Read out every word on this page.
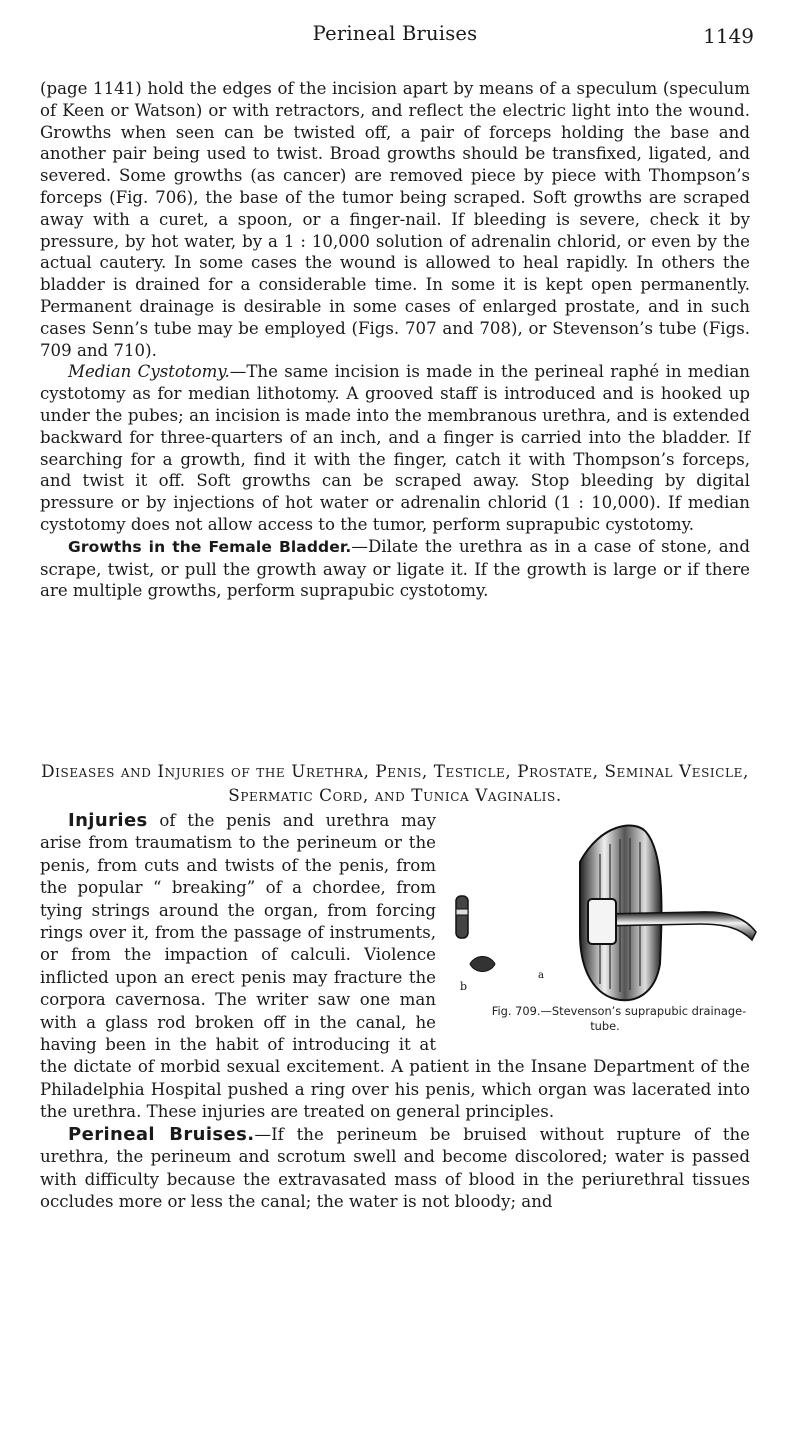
Perineal Bruises	1149

(page 1141) hold the edges of the incision apart by means of a speculum (speculum of Keen or Watson) or with retractors, and reflect the electric light into the wound. Growths when seen can be twisted off, a pair of forceps holding the base and another pair being used to twist. Broad growths should be transfixed, ligated, and severed. Some growths (as cancer) are removed piece by piece with Thompson’s forceps (Fig. 706), the base of the tumor being scraped. Soft growths are scraped away with a curet, a spoon, or a finger-nail. If bleeding is severe, check it by pressure, by hot water, by a 1 : 10,000 solution of adrenalin chlorid, or even by the actual cautery. In some cases the wound is allowed to heal rapidly. In others the bladder is drained for a considerable time. In some it is kept open permanently. Permanent drainage is desirable in some cases of enlarged prostate, and in such cases Senn’s tube may be employed (Figs. 707 and 708), or Stevenson’s tube (Figs. 709 and 710).

Median Cystotomy.—The same incision is made in the perineal raphé in median cystotomy as for median lithotomy. A grooved staff is introduced and is hooked up under the pubes; an incision is made into the membranous urethra, and is extended backward for three-quarters of an inch, and a finger is carried into the bladder. If searching for a growth, find it with the finger, catch it with Thompson’s forceps, and twist it off. Soft growths can be scraped away. Stop bleeding by digital pressure or by injections of hot water or adrenalin chlorid (1 : 10,000). If median cystotomy does not allow access to the tumor, perform suprapubic cystotomy.

Growths in the Female Bladder.—Dilate the urethra as in a case of stone, and scrape, twist, or pull the growth away or ligate it. If the growth is large or if there are multiple growths, perform suprapubic cystotomy.

Diseases and Injuries of the Urethra, Penis, Testicle, Prostate, Seminal Vesicle, Spermatic Cord, and Tunica Vaginalis.

b
a
Fig. 709.—Stevenson’s suprapubic drainage-tube.
Injuries of the penis and urethra may arise from traumatism to the perineum or the penis, from cuts and twists of the penis, from the popular “ breaking” of a chordee, from tying strings around the organ, from forcing rings over it, from the passage of instruments, or from the impaction of calculi. Violence inflicted upon an erect penis may fracture the corpora cavernosa. The writer saw one man with a glass rod broken off in the canal, he having been in the habit of introducing it at the dictate of morbid sexual excitement. A patient in the Insane Department of the Philadelphia Hospital pushed a ring over his penis, which organ was lacerated into the urethra. These injuries are treated on general principles.

Perineal Bruises.—If the perineum be bruised without rupture of the urethra, the perineum and scrotum swell and become discolored; water is passed with difficulty because the extravasated mass of blood in the periurethral tissues occludes more or less the canal; the water is not bloody; and
